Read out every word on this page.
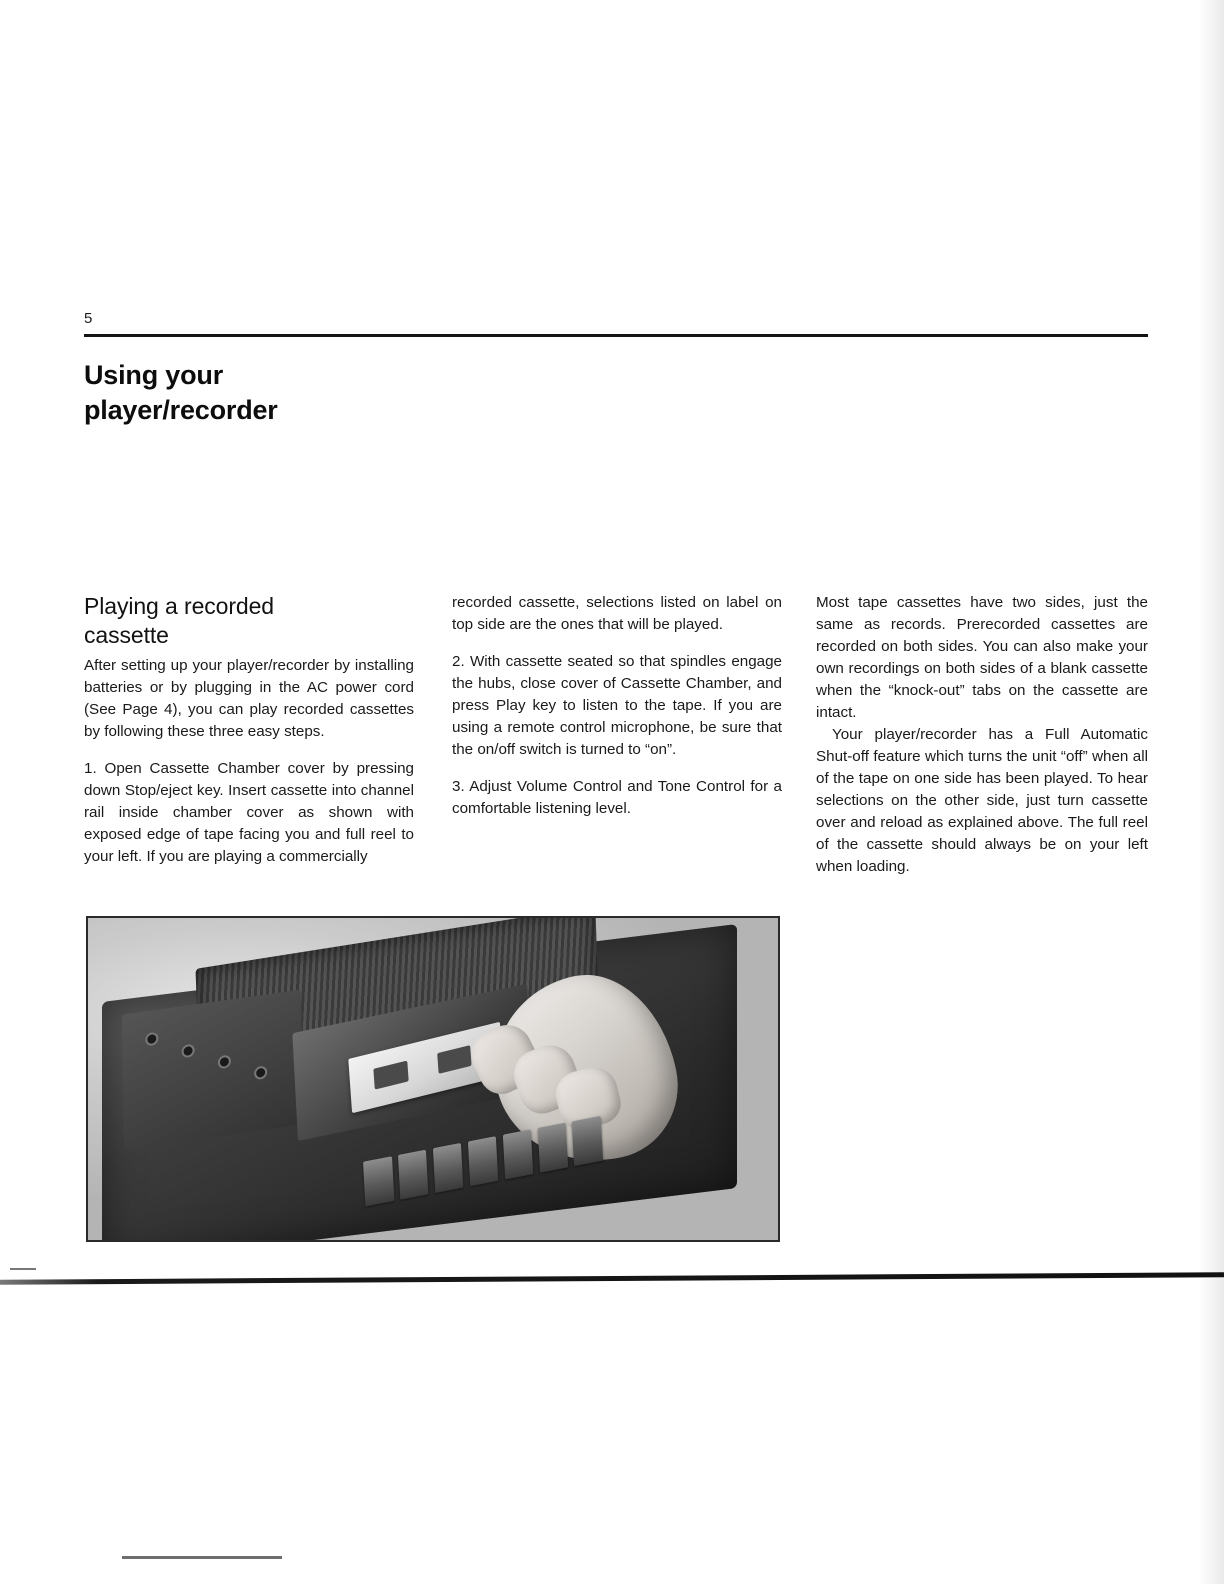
5
Using your
player/recorder
Playing a recorded
cassette

After setting up your player/recorder by installing batteries or by plugging in the AC power cord (See Page 4), you can play recorded cassettes by following these three easy steps.

1. Open Cassette Chamber cover by pressing down Stop/eject key. Insert cassette into channel rail inside chamber cover as shown with exposed edge of tape facing you and full reel to your left. If you are playing a commercially

recorded cassette, selections listed on label on top side are the ones that will be played.

2. With cassette seated so that spindles engage the hubs, close cover of Cassette Chamber, and press Play key to listen to the tape. If you are using a remote control microphone, be sure that the on/off switch is turned to “on”.

3. Adjust Volume Control and Tone Control for a comfortable listening level.

Most tape cassettes have two sides, just the same as records. Prerecorded cassettes are recorded on both sides. You can also make your own recordings on both sides of a blank cassette when the “knock-out” tabs on the cassette are intact.

Your player/recorder has a Full Automatic Shut-off feature which turns the unit “off” when all of the tape on one side has been played. To hear selections on the other side, just turn cassette over and reload as explained above. The full reel of the cassette should always be on your left when loading.
